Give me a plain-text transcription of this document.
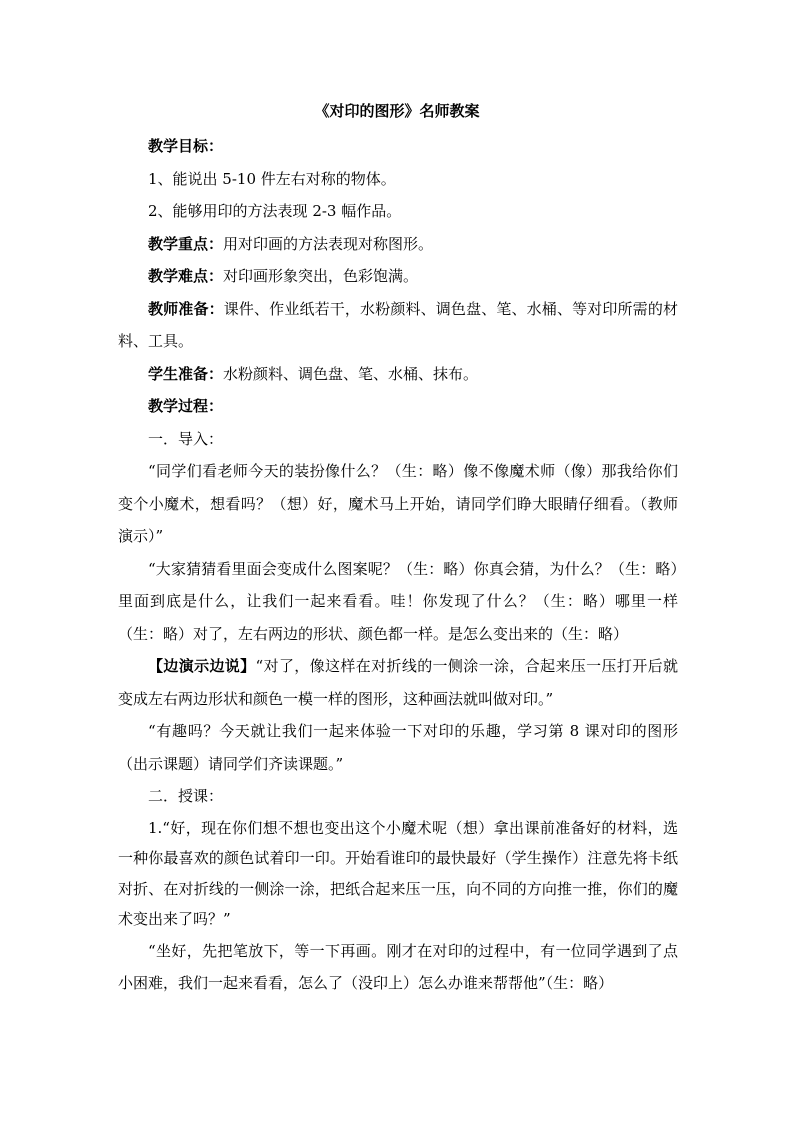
《对印的图形》名师教案

教学目标：

1、能说出 5-10 件左右对称的物体。

2、能够用印的方法表现 2-3 幅作品。

教学重点：用对印画的方法表现对称图形。

教学难点：对印画形象突出，色彩饱满。

教师准备：课件、作业纸若干，水粉颜料、调色盘、笔、水桶、等对印所需的材料、工具。

学生准备：水粉颜料、调色盘、笔、水桶、抹布。

教学过程：

一．导入：

“同学们看老师今天的装扮像什么？（生：略）像不像魔术师（像）那我给你们变个小魔术，想看吗？（想）好，魔术马上开始，请同学们睁大眼睛仔细看。（教师演示）”

“大家猜猜看里面会变成什么图案呢？（生：略）你真会猜，为什么？（生：略）里面到底是什么，让我们一起来看看。哇！你发现了什么？（生：略）哪里一样（生：略）对了，左右两边的形状、颜色都一样。是怎么变出来的（生：略）

【边演示边说】“对了，像这样在对折线的一侧涂一涂，合起来压一压打开后就变成左右两边形状和颜色一模一样的图形，这种画法就叫做对印。”

“有趣吗？今天就让我们一起来体验一下对印的乐趣，学习第 8 课对印的图形（出示课题）请同学们齐读课题。”

二．授课：

1.“好，现在你们想不想也变出这个小魔术呢（想）拿出课前准备好的材料，选一种你最喜欢的颜色试着印一印。开始看谁印的最快最好（学生操作）注意先将卡纸对折、在对折线的一侧涂一涂，把纸合起来压一压，向不同的方向推一推，你们的魔术变出来了吗？”

“坐好，先把笔放下，等一下再画。刚才在对印的过程中，有一位同学遇到了点小困难，我们一起来看看，怎么了（没印上）怎么办谁来帮帮他”（生：略）
